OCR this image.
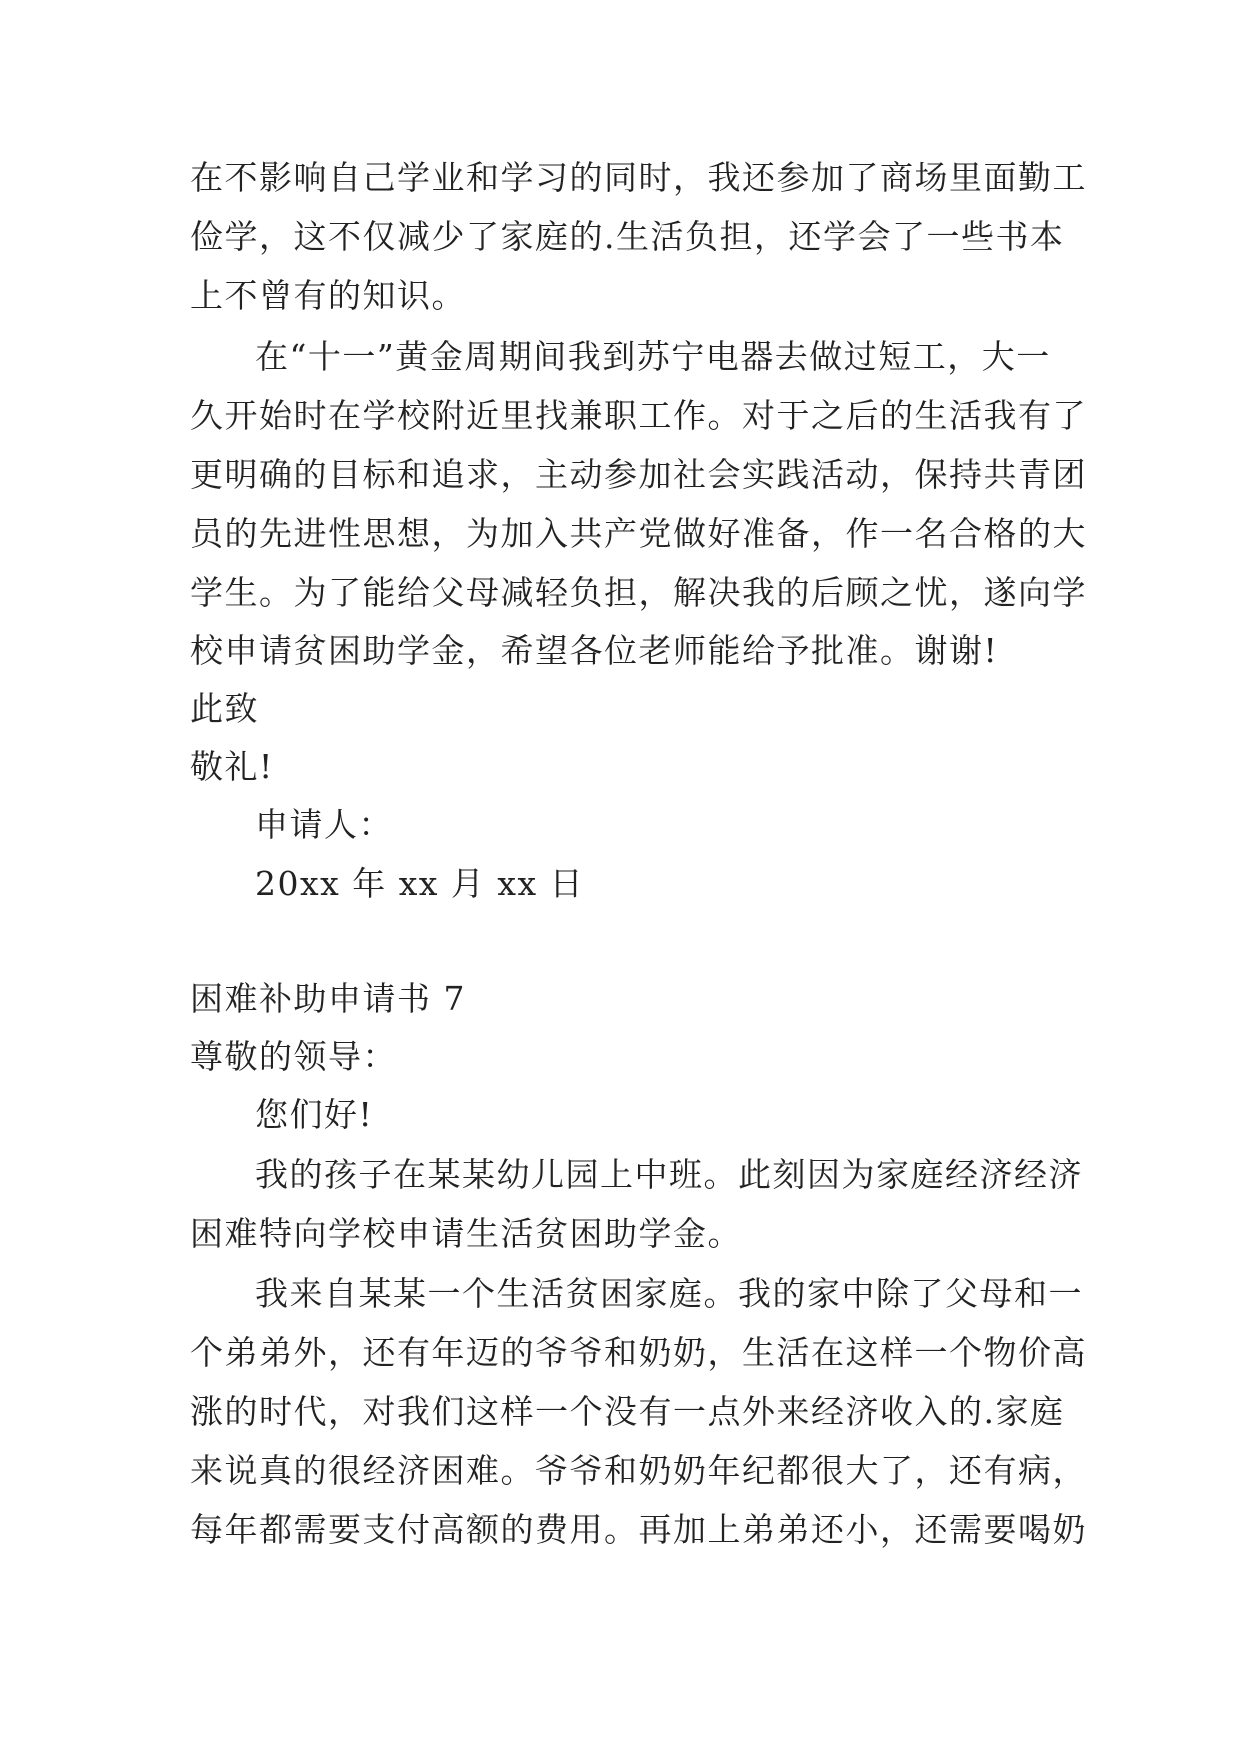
在不影响自己学业和学习的同时，我还参加了商场里面勤工
俭学，这不仅减少了家庭的.生活负担，还学会了一些书本
上不曾有的知识。
在“十一”黄金周期间我到苏宁电器去做过短工，大一
久开始时在学校附近里找兼职工作。对于之后的生活我有了
更明确的目标和追求，主动参加社会实践活动，保持共青团
员的先进性思想，为加入共产党做好准备，作一名合格的大
学生。为了能给父母减轻负担，解决我的后顾之忧，遂向学
校申请贫困助学金，希望各位老师能给予批准。谢谢!
此致
敬礼!
申请人：
20xx 年 xx 月 xx 日
困难补助申请书 7
尊敬的领导：
您们好!
我的孩子在某某幼儿园上中班。此刻因为家庭经济经济
困难特向学校申请生活贫困助学金。
我来自某某一个生活贫困家庭。我的家中除了父母和一
个弟弟外，还有年迈的爷爷和奶奶，生活在这样一个物价高
涨的时代，对我们这样一个没有一点外来经济收入的.家庭
来说真的很经济困难。爷爷和奶奶年纪都很大了，还有病，
每年都需要支付高额的费用。再加上弟弟还小，还需要喝奶
